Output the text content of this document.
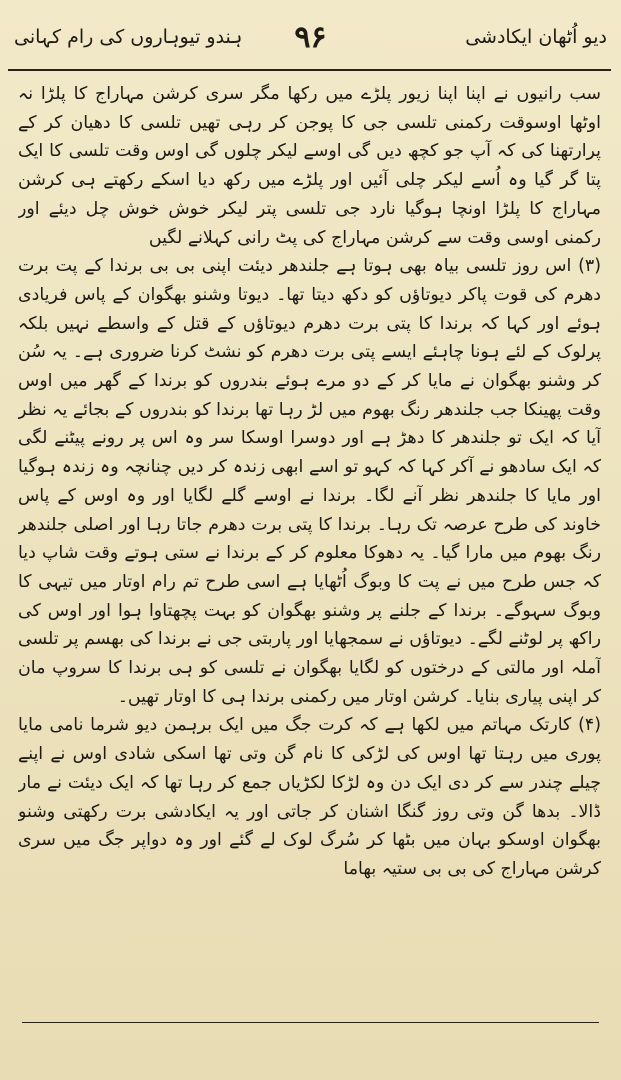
دیو اُٹھان ایکادشی
۹۶
ہندو تیوہاروں کی رام کہانی

سب رانیوں نے اپنا اپنا زیور پلڑے میں رکھا مگر سری کرشن مہاراج کا پلڑا نہ اوٹھا اوسوقت رکمنی تلسی جی کا پوجن کر رہی تھیں تلسی کا دھیان کر کے پرارتھنا کی کہ آپ جو کچھ دیں گی اوسے لیکر چلوں گی اوس وقت تلسی کا ایک پتا گر گیا وہ اُسے لیکر چلی آئیں اور پلڑے میں رکھ دیا اسکے رکھتے ہی کرشن مہاراج کا پلڑا اونچا ہوگیا نارد جی تلسی پتر لیکر خوش خوش چل دیئے اور رکمنی اوسی وقت سے کرشن مہاراج کی پٹ رانی کہلانے لگیں

(۳) اس روز تلسی بیاہ بھی ہوتا ہے جلندھر دیئت اپنی بی بی برندا کے پت برت دھرم کی قوت پاکر دیوتاؤں کو دکھ دیتا تھا۔ دیوتا وشنو بھگوان کے پاس فریادی ہوئے اور کہا کہ برندا کا پتی برت دھرم دیوتاؤں کے قتل کے واسطے نہیں بلکہ پرلوک کے لئے ہونا چاہئے ایسے پتی برت دھرم کو نشٹ کرنا ضروری ہے۔ یہ سُن کر وشنو بھگوان نے مایا کر کے دو مرے ہوئے بندروں کو برندا کے گھر میں اوس وقت پھینکا جب جلندھر رنگ بھوم میں لڑ رہا تھا برندا کو بندروں کے بجائے یہ نظر آیا کہ ایک تو جلندھر کا دھڑ ہے اور دوسرا اوسکا سر وہ اس پر رونے پیٹنے لگی کہ ایک سادھو نے آکر کہا کہ کہو تو اسے ابھی زندہ کر دیں چنانچہ وہ زندہ ہوگیا اور مایا کا جلندھر نظر آنے لگا۔ برندا نے اوسے گلے لگایا اور وہ اوس کے پاس خاوند کی طرح عرصہ تک رہا۔ برندا کا پتی برت دھرم جاتا رہا اور اصلی جلندھر رنگ بھوم میں مارا گیا۔ یہ دھوکا معلوم کر کے برندا نے ستی ہوتے وقت شاپ دیا کہ جس طرح میں نے پت کا وبوگ اُٹھایا ہے اسی طرح تم رام اوتار میں تیہی کا وبوگ سہوگے۔ برندا کے جلنے پر وشنو بھگوان کو بہت پچھتاوا ہوا اور اوس کی راکھ پر لوٹنے لگے۔ دیوتاؤں نے سمجھایا اور پاربتی جی نے برندا کی بھسم پر تلسی آملہ اور مالتی کے درختوں کو لگایا بھگوان نے تلسی کو ہی برندا کا سروپ مان کر اپنی پیاری بنایا۔ کرشن اوتار میں رکمنی برندا ہی کا اوتار تھیں۔

(۴) کارتک مہاتم میں لکھا ہے کہ کرت جگ میں ایک برہمن دیو شرما نامی مایا پوری میں رہتا تھا اوس کی لڑکی کا نام گن وتی تھا اسکی شادی اوس نے اپنے چیلے چندر سے کر دی ایک دن وہ لڑکا لکڑیاں جمع کر رہا تھا کہ ایک دیئت نے مار ڈالا۔ بدھا گن وتی روز گنگا اشنان کر جاتی اور یہ ایکادشی برت رکھتی وشنو بھگوان اوسکو بہان میں بٹھا کر سُرگ لوک لے گئے اور وہ دواپر جگ میں سری کرشن مہاراج کی بی بی ستیہ بھاما
